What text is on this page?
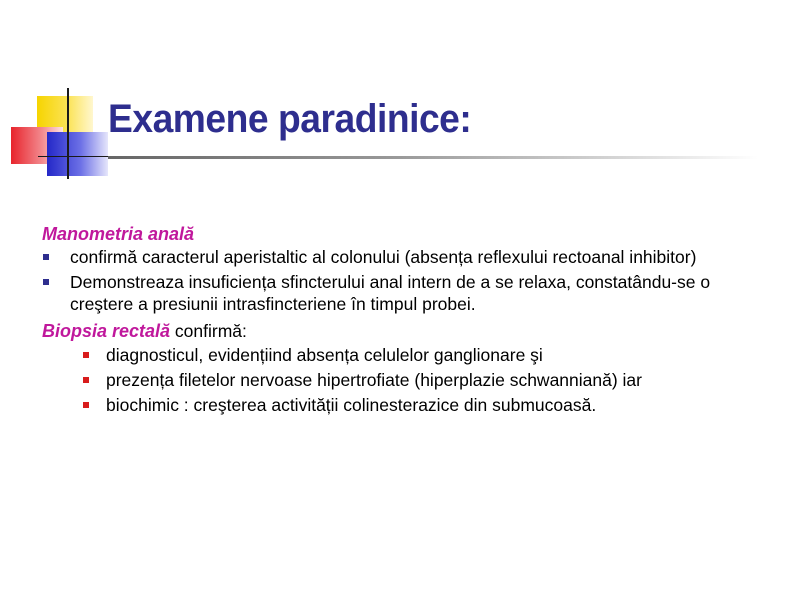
Examene paradinice:

Manometria anală

confirmă caracterul aperistaltic al colonului (absența reflexului rectoanal inhibitor)
Demonstreaza insuficiența sfincterului anal intern de a se relaxa, constatându-se o creştere a presiunii intrasfincteriene în timpul probei.

Biopsia rectală confirmă:

diagnosticul, evidențiind absența celulelor ganglionare şi
prezența filetelor nervoase hipertrofiate (hiperplazie schwanniană) iar
biochimic : creşterea activității colinesterazice din submucoasă.
